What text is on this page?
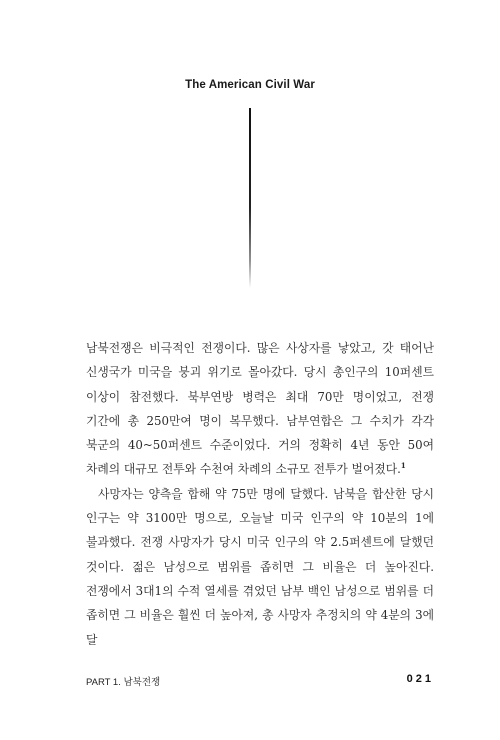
The American Civil War

남북전쟁은 비극적인 전쟁이다. 많은 사상자를 낳았고, 갓 태어난 신생국가 미국을 붕괴 위기로 몰아갔다. 당시 총인구의 10퍼센트 이상이 참전했다. 북부연방 병력은 최대 70만 명이었고, 전쟁 기간에 총 250만여 명이 복무했다. 남부연합은 그 수치가 각각 북군의 40~50퍼센트 수준이었다. 거의 정확히 4년 동안 50여 차례의 대규모 전투와 수천여 차례의 소규모 전투가 벌어졌다.$^1$

사망자는 양측을 합해 약 75만 명에 달했다. 남북을 합산한 당시 인구는 약 3100만 명으로, 오늘날 미국 인구의 약 10분의 1에 불과했다. 전쟁 사망자가 당시 미국 인구의 약 2.5퍼센트에 달했던 것이다. 젊은 남성으로 범위를 좁히면 그 비율은 더 높아진다. 전쟁에서 3대1의 수적 열세를 겪었던 남부 백인 남성으로 범위를 더 좁히면 그 비율은 훨씬 더 높아져, 총 사망자 추정치의 약 4분의 3에 달

PART 1. 남북전쟁	021
